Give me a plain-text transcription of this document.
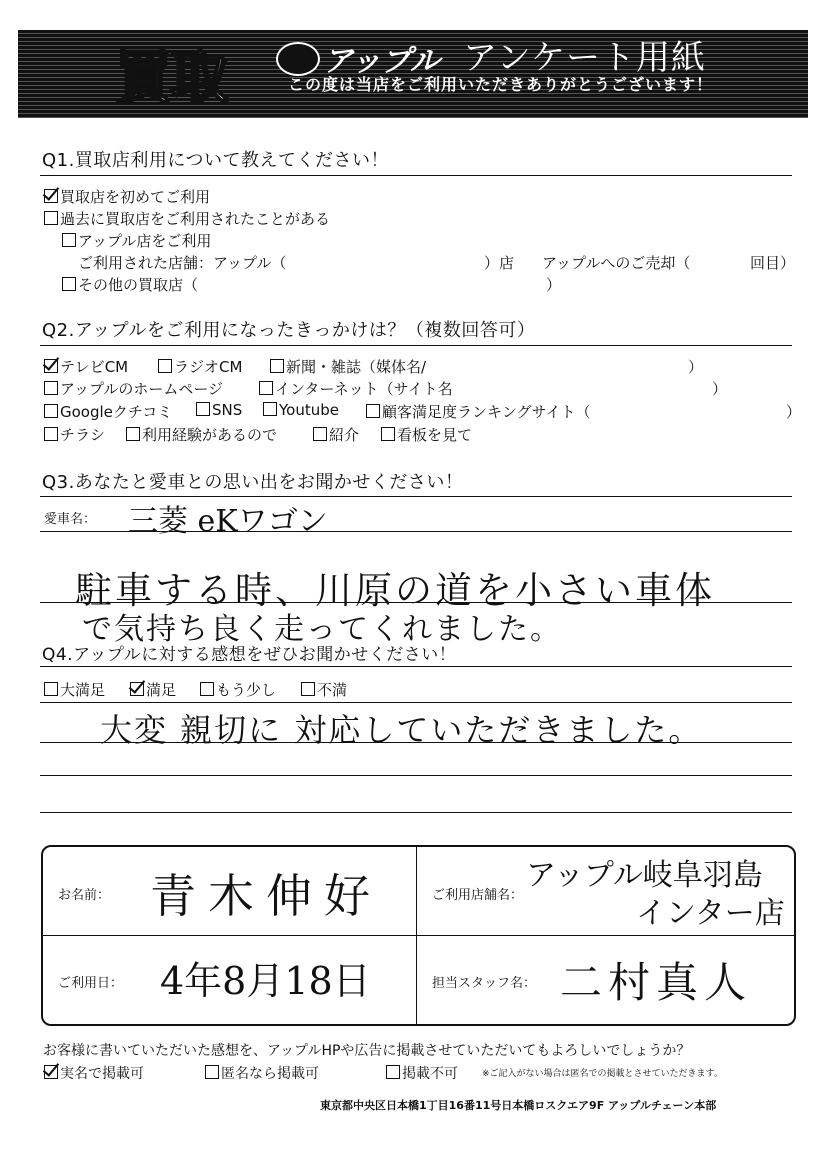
買取	アップル アンケート用紙
この度は当店をご利用いただきありがとうございます！
Q1.買取店利用について教えてください！
買取店を初めてご利用
過去に買取店をご利用されたことがある
アップル店をご利用
ご利用された店舗：アップル（	）店 アップルへのご売却（	回目）
その他の買取店（	）
Q2.アップルをご利用になったきっかけは？（複数回答可）
テレビCM	ラジオCM	新聞・雑誌（媒体名/	）
アップルのホームページ	インターネット（サイト名	）
Googleクチコミ	SNS	Youtube	顧客満足度ランキングサイト（	）
チラシ	利用経験があるので	紹介	看板を見て
Q3.あなたと愛車との思い出をお聞かせください！
愛車名： 三菱 eKワゴン
駐車する時、川原の道を小さい車体
で気持ち良く走ってくれました。
Q4.アップルに対する感想をぜひお聞かせください！
大満足	満足	もう少し	不満
大変 親切に 対応していただきました。
お名前： 青木伸好	ご利用店舗名：
アップル岐阜羽島
インター店
ご利用日： 4年8月18日	担当スタッフ名： 二村真人
お客様に書いていただいた感想を、アップルHPや広告に掲載させていただいてもよろしいでしょうか？
実名で掲載可	匿名なら掲載可	掲載不可	※ご記入がない場合は匿名での掲載とさせていただきます。
東京都中央区日本橋1丁目16番11号日本橋ロスクエア9F アップルチェーン本部
